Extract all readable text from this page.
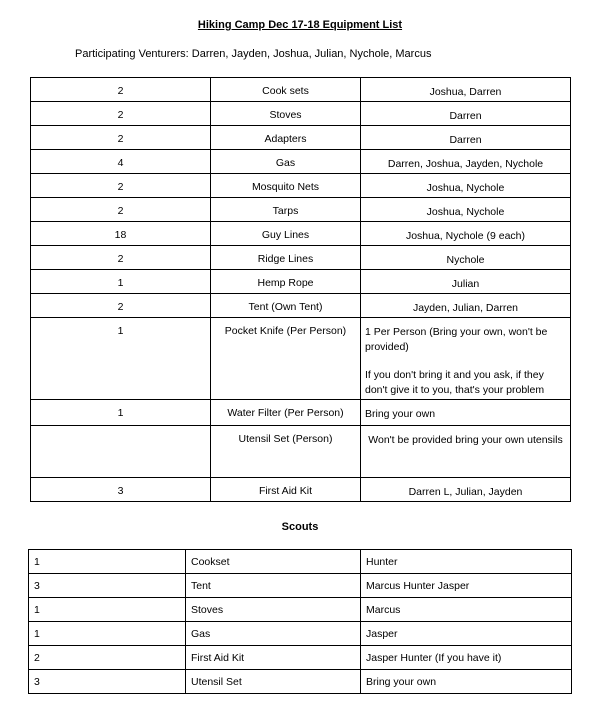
Hiking Camp Dec 17-18 Equipment List
Participating Venturers: Darren, Jayden, Joshua, Julian, Nychole, Marcus
2	Cook sets	Joshua, Darren

2	Stoves	Darren

2	Adapters	Darren

4	Gas	Darren, Joshua, Jayden, Nychole

2	Mosquito Nets	Joshua, Nychole

2	Tarps	Joshua, Nychole

18	Guy Lines	Joshua, Nychole (9 each)

2	Ridge Lines	Nychole

1	Hemp Rope	Julian

2	Tent (Own Tent)	Jayden, Julian, Darren

1	Pocket Knife (Per Person)	1 Per Person (Bring your own, won't be provided)
If you don't bring it and you ask, if they don't give it to you, that's your problem

1	Water Filter (Per Person)	Bring your own

	Utensil Set (Person)	Won't be provided bring your own utensils

3	First Aid Kit	Darren L, Julian, Jayden
Scouts
1	Cookset	Hunter
3	Tent	Marcus Hunter Jasper
1	Stoves	Marcus
1	Gas	Jasper
2	First Aid Kit	Jasper Hunter (If you have it)
3	Utensil Set	Bring your own
